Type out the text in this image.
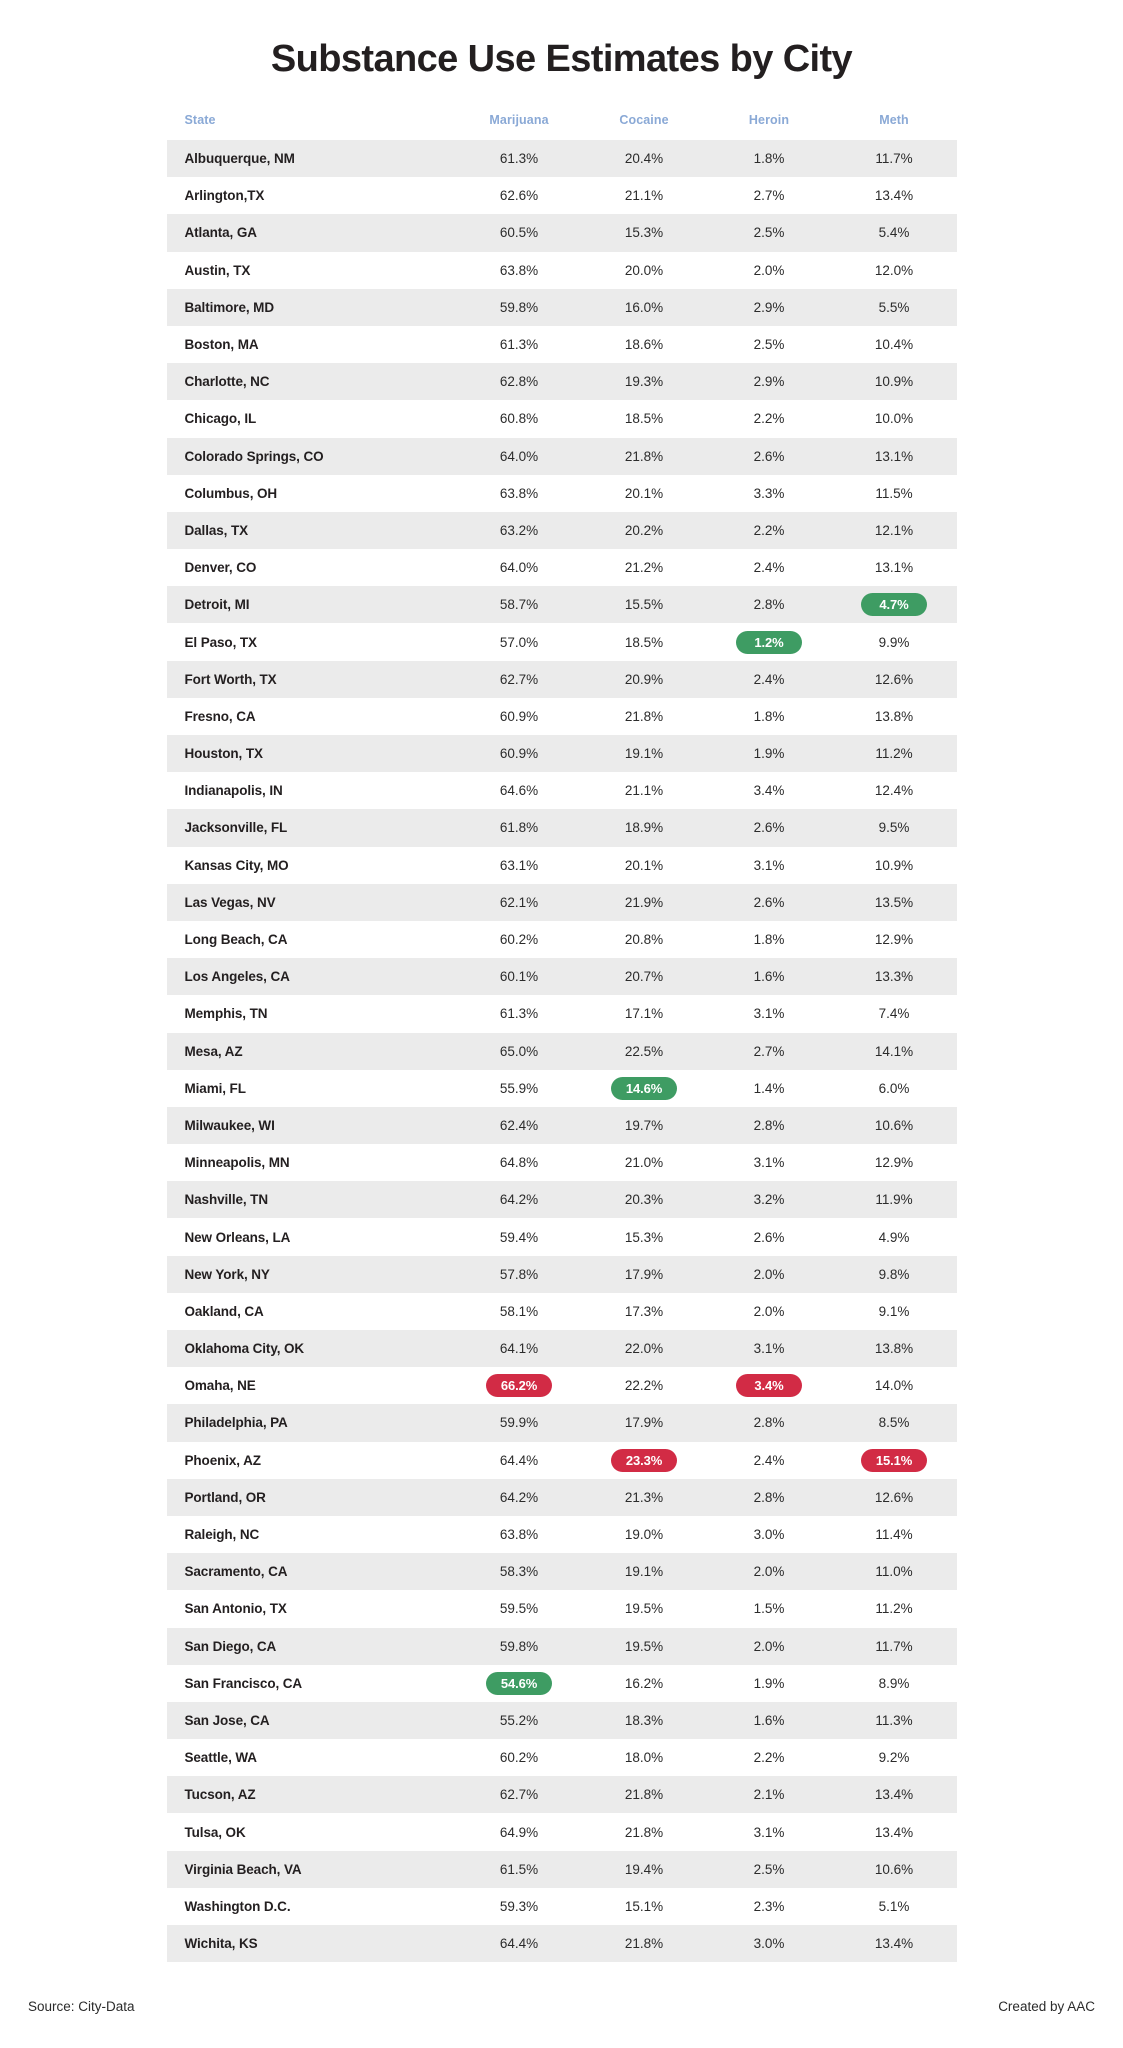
Substance Use Estimates by City
State	Marijuana	Cocaine	Heroin	Meth
Albuquerque, NM	61.3%	20.4%	1.8%	11.7%
Arlington,TX	62.6%	21.1%	2.7%	13.4%
Atlanta, GA	60.5%	15.3%	2.5%	5.4%
Austin, TX	63.8%	20.0%	2.0%	12.0%
Baltimore, MD	59.8%	16.0%	2.9%	5.5%
Boston, MA	61.3%	18.6%	2.5%	10.4%
Charlotte, NC	62.8%	19.3%	2.9%	10.9%
Chicago, IL	60.8%	18.5%	2.2%	10.0%
Colorado Springs, CO	64.0%	21.8%	2.6%	13.1%
Columbus, OH	63.8%	20.1%	3.3%	11.5%
Dallas, TX	63.2%	20.2%	2.2%	12.1%
Denver, CO	64.0%	21.2%	2.4%	13.1%
Detroit, MI	58.7%	15.5%	2.8%	4.7%
El Paso, TX	57.0%	18.5%	1.2%	9.9%
Fort Worth, TX	62.7%	20.9%	2.4%	12.6%
Fresno, CA	60.9%	21.8%	1.8%	13.8%
Houston, TX	60.9%	19.1%	1.9%	11.2%
Indianapolis, IN	64.6%	21.1%	3.4%	12.4%
Jacksonville, FL	61.8%	18.9%	2.6%	9.5%
Kansas City, MO	63.1%	20.1%	3.1%	10.9%
Las Vegas, NV	62.1%	21.9%	2.6%	13.5%
Long Beach, CA	60.2%	20.8%	1.8%	12.9%
Los Angeles, CA	60.1%	20.7%	1.6%	13.3%
Memphis, TN	61.3%	17.1%	3.1%	7.4%
Mesa, AZ	65.0%	22.5%	2.7%	14.1%
Miami, FL	55.9%	14.6%	1.4%	6.0%
Milwaukee, WI	62.4%	19.7%	2.8%	10.6%
Minneapolis, MN	64.8%	21.0%	3.1%	12.9%
Nashville, TN	64.2%	20.3%	3.2%	11.9%
New Orleans, LA	59.4%	15.3%	2.6%	4.9%
New York, NY	57.8%	17.9%	2.0%	9.8%
Oakland, CA	58.1%	17.3%	2.0%	9.1%
Oklahoma City, OK	64.1%	22.0%	3.1%	13.8%
Omaha, NE	66.2%	22.2%	3.4%	14.0%
Philadelphia, PA	59.9%	17.9%	2.8%	8.5%
Phoenix, AZ	64.4%	23.3%	2.4%	15.1%
Portland, OR	64.2%	21.3%	2.8%	12.6%
Raleigh, NC	63.8%	19.0%	3.0%	11.4%
Sacramento, CA	58.3%	19.1%	2.0%	11.0%
San Antonio, TX	59.5%	19.5%	1.5%	11.2%
San Diego, CA	59.8%	19.5%	2.0%	11.7%
San Francisco, CA	54.6%	16.2%	1.9%	8.9%
San Jose, CA	55.2%	18.3%	1.6%	11.3%
Seattle, WA	60.2%	18.0%	2.2%	9.2%
Tucson, AZ	62.7%	21.8%	2.1%	13.4%
Tulsa, OK	64.9%	21.8%	3.1%	13.4%
Virginia Beach, VA	61.5%	19.4%	2.5%	10.6%
Washington D.C.	59.3%	15.1%	2.3%	5.1%
Wichita, KS	64.4%	21.8%	3.0%	13.4%
Source: City-Data	Created by AAC
